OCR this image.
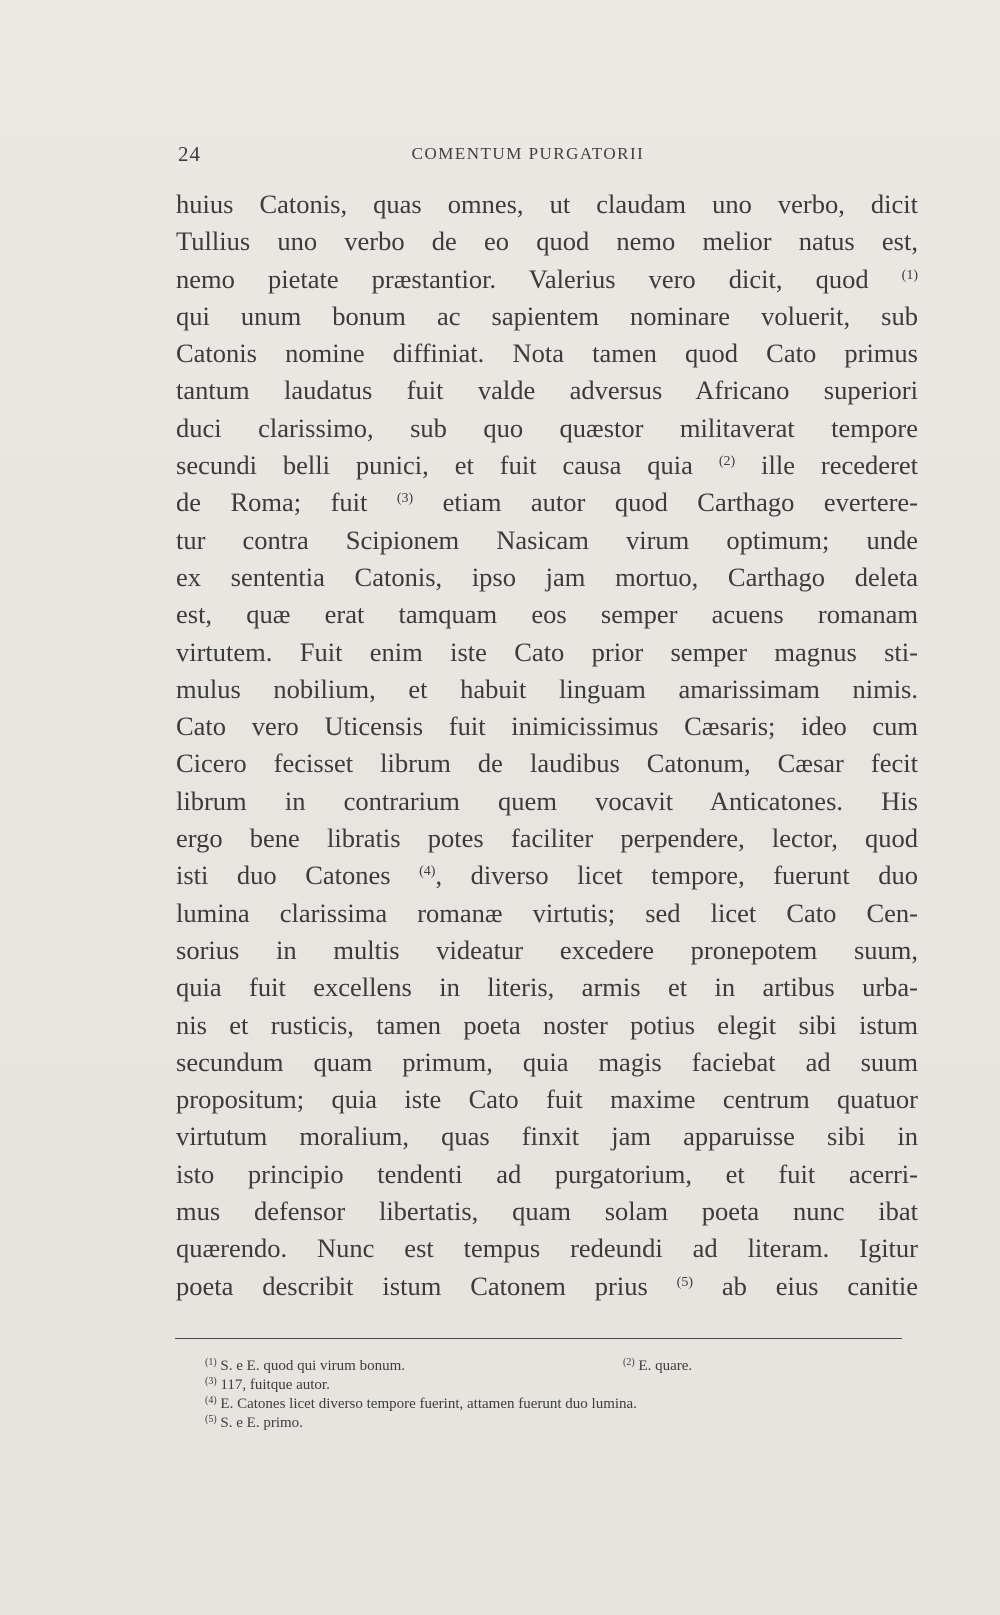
24	COMENTUM PURGATORII
huius Catonis, quas omnes, ut claudam uno verbo, dicit
Tullius uno verbo de eo quod nemo melior natus est,
nemo pietate præstantior. Valerius vero dicit, quod $^{(1)}$
qui unum bonum ac sapientem nominare voluerit, sub
Catonis nomine diffiniat. Nota tamen quod Cato primus
tantum laudatus fuit valde adversus Africano superiori
duci clarissimo, sub quo quæstor militaverat tempore
secundi belli punici, et fuit causa quia $^{(2)}$ ille recederet
de Roma; fuit $^{(3)}$ etiam autor quod Carthago evertere-
tur contra Scipionem Nasicam virum optimum; unde
ex sententia Catonis, ipso jam mortuo, Carthago deleta
est, quæ erat tamquam eos semper acuens romanam
virtutem. Fuit enim iste Cato prior semper magnus sti-
mulus nobilium, et habuit linguam amarissimam nimis.
Cato vero Uticensis fuit inimicissimus Cæsaris; ideo cum
Cicero fecisset librum de laudibus Catonum, Cæsar fecit
librum in contrarium quem vocavit Anticatones. His
ergo bene libratis potes faciliter perpendere, lector, quod
isti duo Catones $^{(4)}$, diverso licet tempore, fuerunt duo
lumina clarissima romanæ virtutis; sed licet Cato Cen-
sorius in multis videatur excedere pronepotem suum,
quia fuit excellens in literis, armis et in artibus urba-
nis et rusticis, tamen poeta noster potius elegit sibi istum
secundum quam primum, quia magis faciebat ad suum
propositum; quia iste Cato fuit maxime centrum quatuor
virtutum moralium, quas finxit jam apparuisse sibi in
isto principio tendenti ad purgatorium, et fuit acerri-
mus defensor libertatis, quam solam poeta nunc ibat
quærendo. Nunc est tempus redeundi ad literam. Igitur
poeta describit istum Catonem prius $^{(5)}$ ab eius canitie
$^{(1)}$ S. e E. quod qui virum bonum.	$^{(2)}$ E. quare.
$^{(3)}$ 117, fuitque autor.
$^{(4)}$ E. Catones licet diverso tempore fuerint, attamen fuerunt duo lumina.
$^{(5)}$ S. e E. primo.
